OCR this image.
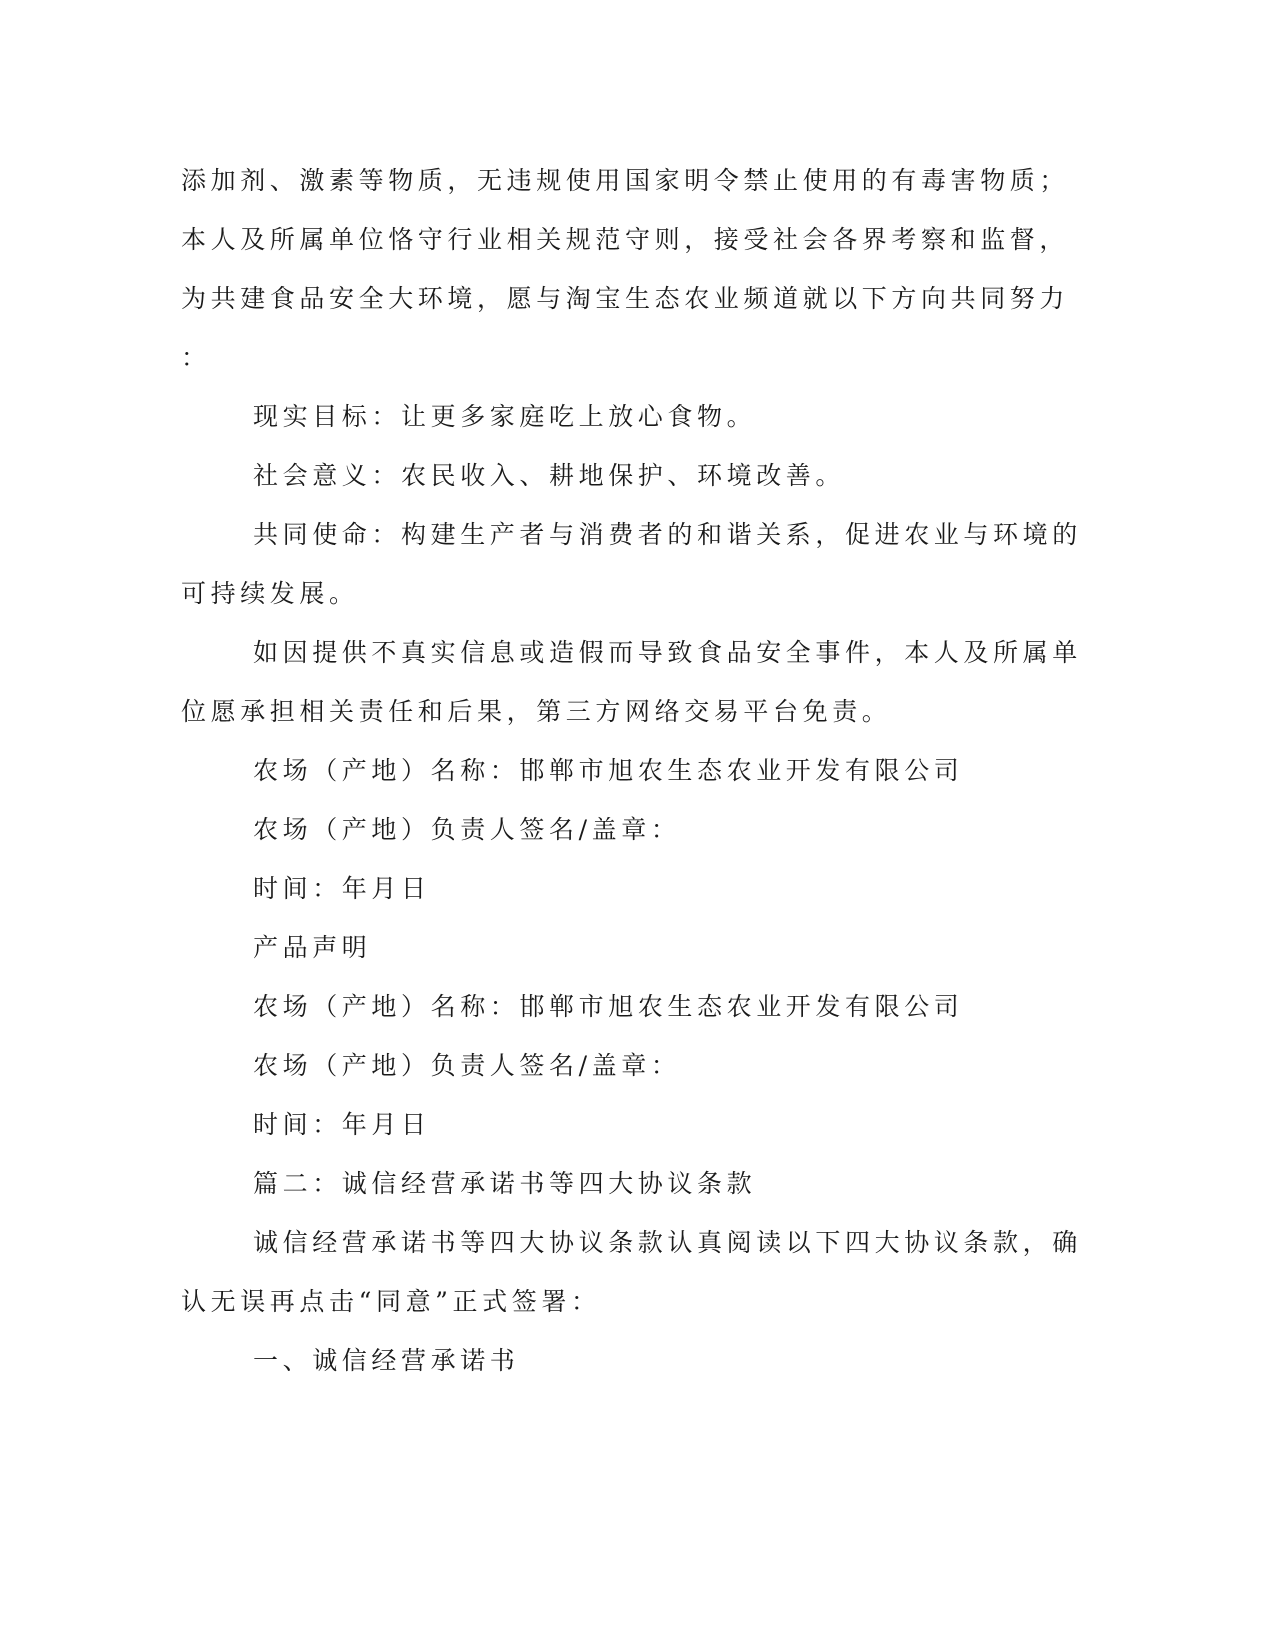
添加剂、激素等物质，无违规使用国家明令禁止使用的有毒害物质；
本人及所属单位恪守行业相关规范守则，接受社会各界考察和监督，
为共建食品安全大环境，愿与淘宝生态农业频道就以下方向共同努力
：
现实目标：让更多家庭吃上放心食物。
社会意义：农民收入、耕地保护、环境改善。
共同使命：构建生产者与消费者的和谐关系，促进农业与环境的
可持续发展。
如因提供不真实信息或造假而导致食品安全事件，本人及所属单
位愿承担相关责任和后果，第三方网络交易平台免责。
农场（产地）名称：邯郸市旭农生态农业开发有限公司
农场（产地）负责人签名/盖章：
时间：年月日
产品声明
农场（产地）名称：邯郸市旭农生态农业开发有限公司
农场（产地）负责人签名/盖章：
时间：年月日
篇二：诚信经营承诺书等四大协议条款
诚信经营承诺书等四大协议条款认真阅读以下四大协议条款，确
认无误再点击“同意”正式签署：
一、诚信经营承诺书
